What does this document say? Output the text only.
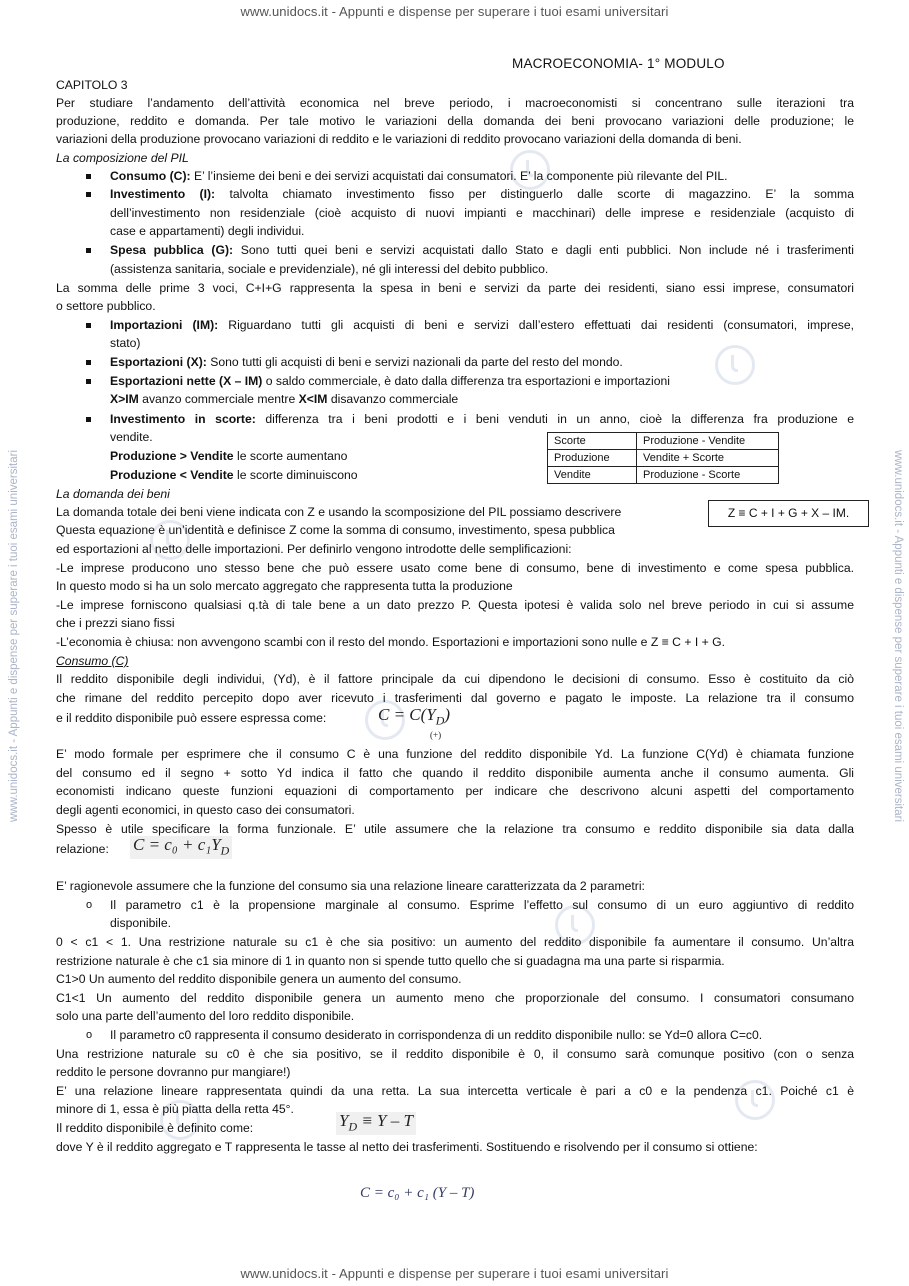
www.unidocs.it - Appunti e dispense per superare i tuoi esami universitari
www.unidocs.it - Appunti e dispense per superare i tuoi esami universitari
www.unidocs.it - Appunti e dispense per superare i tuoi esami universitari	www.unidocs.it - Appunti e dispense per superare i tuoi esami universitari
MACROECONOMIA- 1° MODULO
CAPITOLO 3
Per studiare l’andamento dell’attività economica nel breve periodo, i macroeconomisti si concentrano sulle iterazioni tra
produzione, reddito e domanda. Per tale motivo le variazioni della domanda dei beni provocano variazioni delle produzione; le
variazioni della produzione provocano variazioni di reddito e le variazioni di reddito provocano variazioni della domanda di beni.
La composizione del PIL
Consumo (C): E’ l’insieme dei beni e dei servizi acquistati dai consumatori. E’ la componente più rilevante del PIL.
Investimento (I): talvolta chiamato investimento fisso per distinguerlo dalle scorte di magazzino. E’ la somma
dell’investimento non residenziale (cioè acquisto di nuovi impianti e macchinari) delle imprese e residenziale (acquisto di
case e appartamenti) degli individui.
Spesa pubblica (G): Sono tutti quei beni e servizi acquistati dallo Stato e dagli enti pubblici. Non include né i trasferimenti
(assistenza sanitaria, sociale e previdenziale), né gli interessi del debito pubblico.
La somma delle prime 3 voci, C+I+G rappresenta la spesa in beni e servizi da parte dei residenti, siano essi imprese, consumatori
o settore pubblico.
Importazioni (IM): Riguardano tutti gli acquisti di beni e servizi dall’estero effettuati dai residenti (consumatori, imprese,
stato)
Esportazioni (X): Sono tutti gli acquisti di beni e servizi nazionali da parte del resto del mondo.
Esportazioni nette (X – IM) o saldo commerciale, è dato dalla differenza tra esportazioni e importazioni
X>IM avanzo commerciale mentre X<IM disavanzo commerciale
Investimento in scorte: differenza tra i beni prodotti e i beni venduti in un anno, cioè la differenza fra produzione e
vendite.
Produzione > Vendite le scorte aumentano
Produzione < Vendite le scorte diminuiscono
Scorte	Produzione - Vendite
Produzione	Vendite + Scorte
Vendite	Produzione - Scorte
La domanda dei beni
La domanda totale dei beni viene indicata con Z e usando la scomposizione del PIL possiamo descrivere	Z ≡ C + I + G + X – IM.
Questa equazione è un’identità e definisce Z come la somma di consumo, investimento, spesa pubblica
ed esportazioni al netto delle importazioni. Per definirlo vengono introdotte delle semplificazioni:
-Le imprese producono uno stesso bene che può essere usato come bene di consumo, bene di investimento e come spesa pubblica.
In questo modo si ha un solo mercato aggregato che rappresenta tutta la produzione
-Le imprese forniscono qualsiasi q.tà di tale bene a un dato prezzo P. Questa ipotesi è valida solo nel breve periodo in cui si assume
che i prezzi siano fissi
-L’economia è chiusa: non avvengono scambi con il resto del mondo. Esportazioni e importazioni sono nulle e Z ≡ C + I + G.
Consumo (C)
Il reddito disponibile degli individui, (Yd), è il fattore principale da cui dipendono le decisioni di consumo. Esso è costituito da ciò
che rimane del reddito percepito dopo aver ricevuto i trasferimenti dal governo e pagato le imposte. La relazione tra il consumo
e il reddito disponibile può essere espressa come:	$C = C(Y_D)$
(+)
E’ modo formale per esprimere che il consumo C è una funzione del reddito disponibile Yd. La funzione C(Yd) è chiamata funzione
del consumo ed il segno + sotto Yd indica il fatto che quando il reddito disponibile aumenta anche il consumo aumenta. Gli
economisti indicano queste funzioni equazioni di comportamento per indicare che descrivono alcuni aspetti del comportamento
degli agenti economici, in questo caso dei consumatori.
Spesso è utile specificare la forma funzionale. E’ utile assumere che la relazione tra consumo e reddito disponibile sia data dalla
relazione: $C = c_0 + c_1Y_D$
E’ ragionevole assumere che la funzione del consumo sia una relazione lineare caratterizzata da 2 parametri:
o Il parametro c1 è la propensione marginale al consumo. Esprime l’effetto sul consumo di un euro aggiuntivo di reddito
disponibile.
0 < c1 < 1. Una restrizione naturale su c1 è che sia positivo: un aumento del reddito disponibile fa aumentare il consumo. Un’altra
restrizione naturale è che c1 sia minore di 1 in quanto non si spende tutto quello che si guadagna ma una parte si risparmia.
C1>0 Un aumento del reddito disponibile genera un aumento del consumo.
C1<1 Un aumento del reddito disponibile genera un aumento meno che proporzionale del consumo. I consumatori consumano
solo una parte dell’aumento del loro reddito disponibile.
o Il parametro c0 rappresenta il consumo desiderato in corrispondenza di un reddito disponibile nullo: se Yd=0 allora C=c0.
Una restrizione naturale su c0 è che sia positivo, se il reddito disponibile è 0, il consumo sarà comunque positivo (con o senza
reddito le persone dovranno pur mangiare!)
E’ una relazione lineare rappresentata quindi da una retta. La sua intercetta verticale è pari a c0 e la pendenza c1. Poiché c1 è
minore di 1, essa è più piatta della retta 45°.
Il reddito disponibile è definito come:	$Y_D \equiv Y - T$
dove Y è il reddito aggregato e T rappresenta le tasse al netto dei trasferimenti. Sostituendo e risolvendo per il consumo si ottiene:
C = c₀ + c₁ (Y – T)
